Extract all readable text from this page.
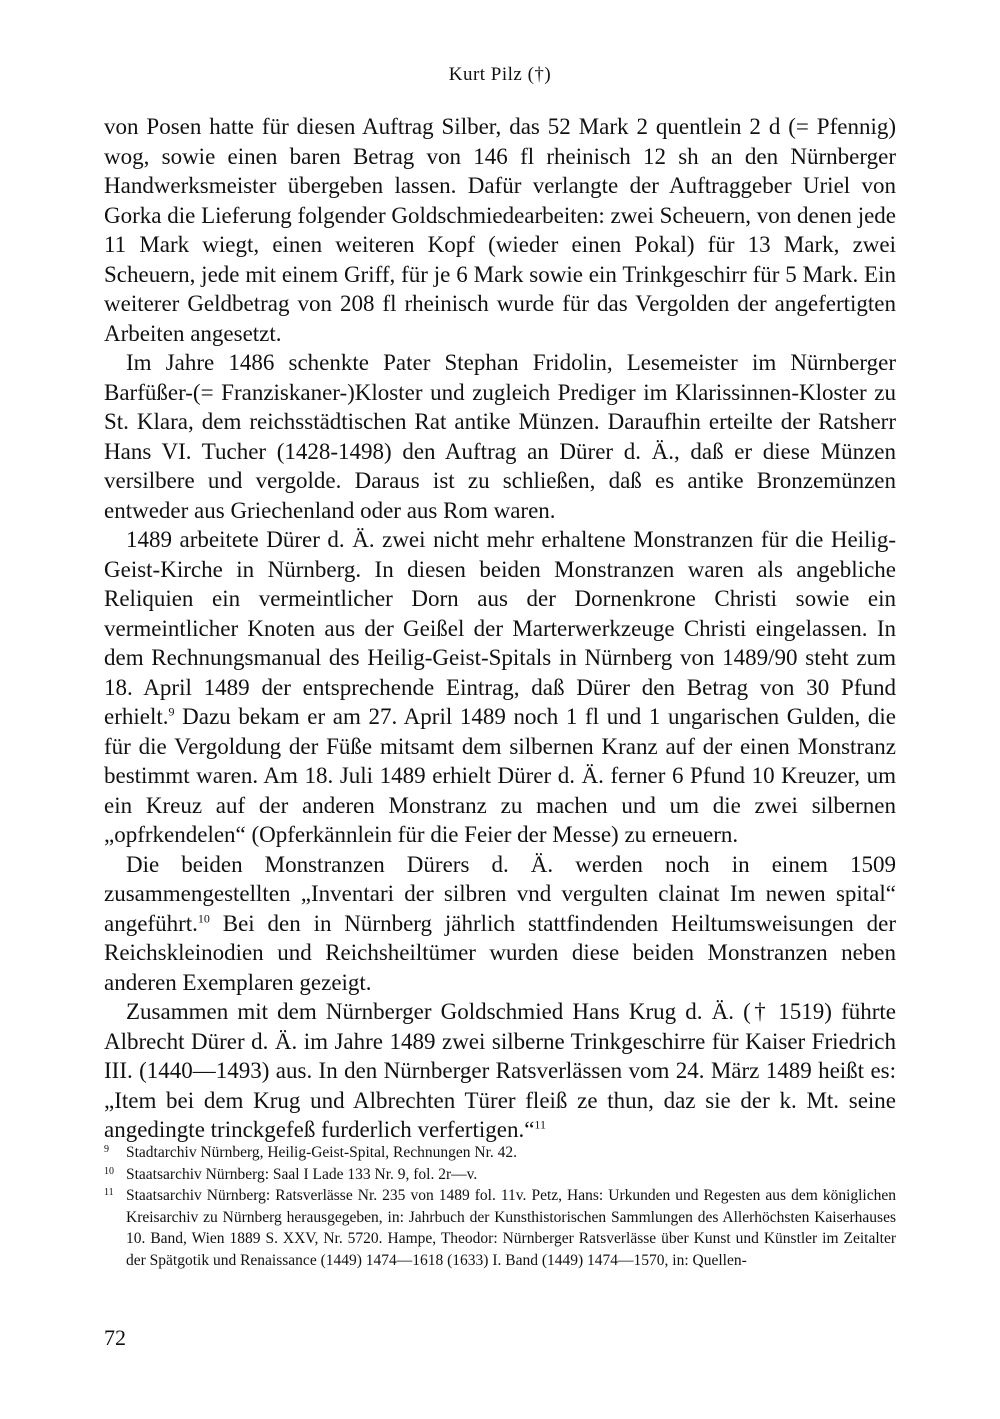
Kurt Pilz (†)

von Posen hatte für diesen Auftrag Silber, das 52 Mark 2 quentlein 2 d (= Pfennig) wog, sowie einen baren Betrag von 146 fl rheinisch 12 sh an den Nürnberger Handwerksmeister übergeben lassen. Dafür verlangte der Auftraggeber Uriel von Gorka die Lieferung folgender Goldschmiedearbeiten: zwei Scheuern, von denen jede 11 Mark wiegt, einen weiteren Kopf (wieder einen Pokal) für 13 Mark, zwei Scheuern, jede mit einem Griff, für je 6 Mark sowie ein Trinkgeschirr für 5 Mark. Ein weiterer Geldbetrag von 208 fl rheinisch wurde für das Vergolden der angefertigten Arbeiten angesetzt.

Im Jahre 1486 schenkte Pater Stephan Fridolin, Lesemeister im Nürnberger Barfüßer-(= Franziskaner-)Kloster und zugleich Prediger im Klarissinnen-Kloster zu St. Klara, dem reichsstädtischen Rat antike Münzen. Daraufhin erteilte der Ratsherr Hans VI. Tucher (1428-1498) den Auftrag an Dürer d. Ä., daß er diese Münzen versilbere und vergolde. Daraus ist zu schließen, daß es antike Bronzemünzen entweder aus Griechenland oder aus Rom waren.

1489 arbeitete Dürer d. Ä. zwei nicht mehr erhaltene Monstranzen für die Heilig-Geist-Kirche in Nürnberg. In diesen beiden Monstranzen waren als angebliche Reliquien ein vermeintlicher Dorn aus der Dornenkrone Christi sowie ein vermeintlicher Knoten aus der Geißel der Marterwerkzeuge Christi eingelassen. In dem Rechnungsmanual des Heilig-Geist-Spitals in Nürnberg von 1489/90 steht zum 18. April 1489 der entsprechende Eintrag, daß Dürer den Betrag von 30 Pfund erhielt.$^9$ Dazu bekam er am 27. April 1489 noch 1 fl und 1 ungarischen Gulden, die für die Vergoldung der Füße mitsamt dem silbernen Kranz auf der einen Monstranz bestimmt waren. Am 18. Juli 1489 erhielt Dürer d. Ä. ferner 6 Pfund 10 Kreuzer, um ein Kreuz auf der anderen Monstranz zu machen und um die zwei silbernen „opfrkendelen“ (Opferkännlein für die Feier der Messe) zu erneuern.

Die beiden Monstranzen Dürers d. Ä. werden noch in einem 1509 zusammengestellten „Inventari der silbren vnd vergulten clainat Im newen spital“ angeführt.$^{10}$ Bei den in Nürnberg jährlich stattfindenden Heiltumsweisungen der Reichskleinodien und Reichsheiltümer wurden diese beiden Monstranzen neben anderen Exemplaren gezeigt.

Zusammen mit dem Nürnberger Goldschmied Hans Krug d. Ä. († 1519) führte Albrecht Dürer d. Ä. im Jahre 1489 zwei silberne Trinkgeschirre für Kaiser Friedrich III. (1440—1493) aus. In den Nürnberger Ratsverlässen vom 24. März 1489 heißt es: „Item bei dem Krug und Albrechten Türer fleiß ze thun, daz sie der k. Mt. seine angedingte trinckgefeß furderlich verfertigen.“$^{11}$

9 Stadtarchiv Nürnberg, Heilig-Geist-Spital, Rechnungen Nr. 42.
10 Staatsarchiv Nürnberg: Saal I Lade 133 Nr. 9, fol. 2r—v.
11 Staatsarchiv Nürnberg: Ratsverlässe Nr. 235 von 1489 fol. 11v. Petz, Hans: Urkunden und Regesten aus dem königlichen Kreisarchiv zu Nürnberg herausgegeben, in: Jahrbuch der Kunsthistorischen Sammlungen des Allerhöchsten Kaiserhauses 10. Band, Wien 1889 S. XXV, Nr. 5720. Hampe, Theodor: Nürnberger Ratsverlässe über Kunst und Künstler im Zeitalter der Spätgotik und Renaissance (1449) 1474—1618 (1633) I. Band (1449) 1474—1570, in: Quellen-
72
